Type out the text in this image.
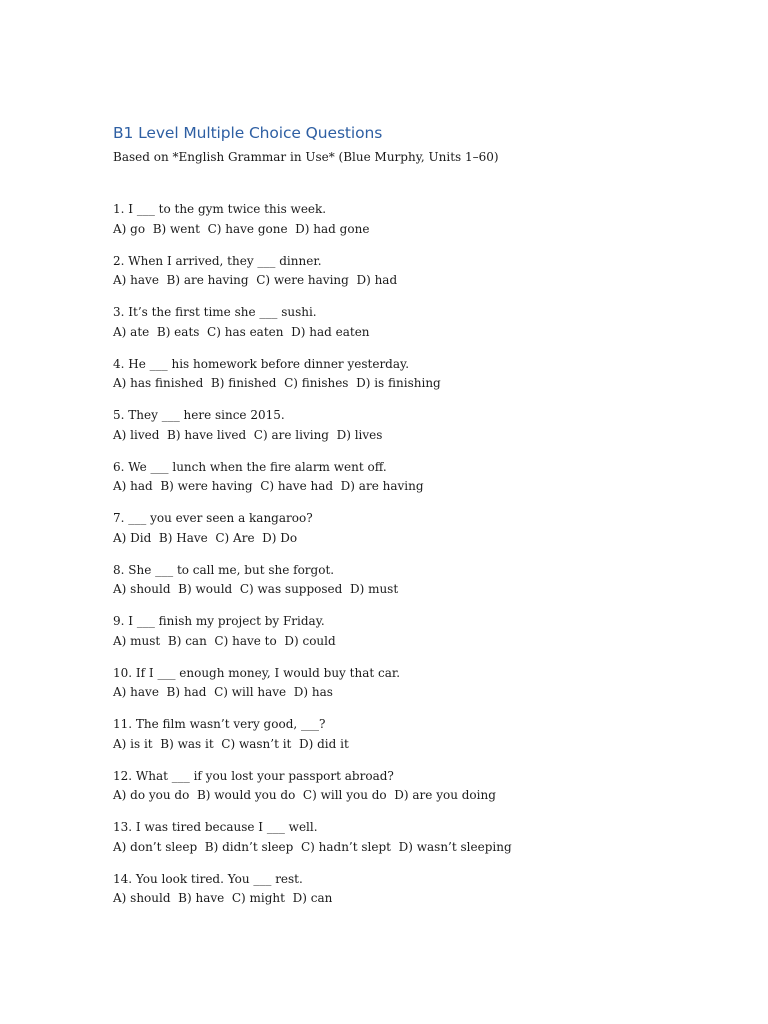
B1 Level Multiple Choice Questions

Based on *English Grammar in Use* (Blue Murphy, Units 1–60)

1. I ___ to the gym twice this week.
A) go  B) went  C) have gone  D) had gone
2. When I arrived, they ___ dinner.
A) have  B) are having  C) were having  D) had
3. It’s the first time she ___ sushi.
A) ate  B) eats  C) has eaten  D) had eaten
4. He ___ his homework before dinner yesterday.
A) has finished  B) finished  C) finishes  D) is finishing
5. They ___ here since 2015.
A) lived  B) have lived  C) are living  D) lives
6. We ___ lunch when the fire alarm went off.
A) had  B) were having  C) have had  D) are having
7. ___ you ever seen a kangaroo?
A) Did  B) Have  C) Are  D) Do
8. She ___ to call me, but she forgot.
A) should  B) would  C) was supposed  D) must
9. I ___ finish my project by Friday.
A) must  B) can  C) have to  D) could
10. If I ___ enough money, I would buy that car.
A) have  B) had  C) will have  D) has
11. The film wasn’t very good, ___?
A) is it  B) was it  C) wasn’t it  D) did it
12. What ___ if you lost your passport abroad?
A) do you do  B) would you do  C) will you do  D) are you doing
13. I was tired because I ___ well.
A) don’t sleep  B) didn’t sleep  C) hadn’t slept  D) wasn’t sleeping
14. You look tired. You ___ rest.
A) should  B) have  C) might  D) can
